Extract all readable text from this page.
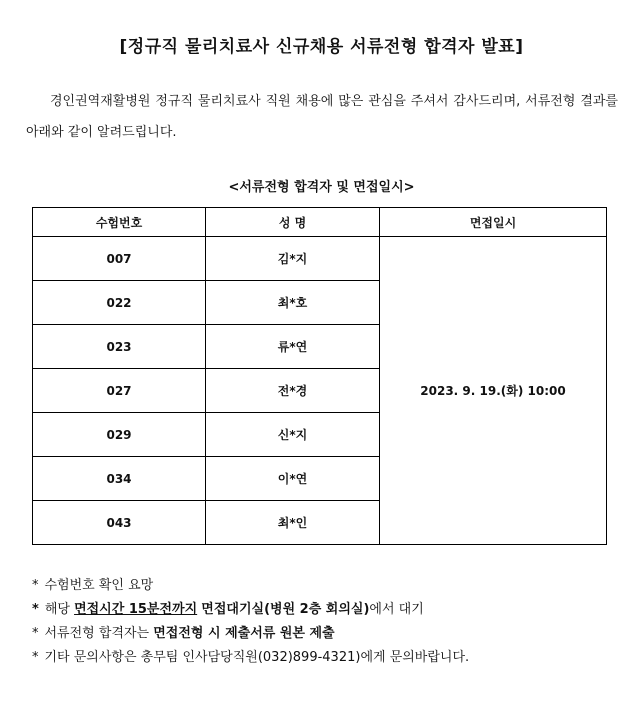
[정규직 물리치료사 신규채용 서류전형 합격자 발표]
경인권역재활병원 정규직 물리치료사 직원 채용에 많은 관심을 주셔서 감사드리며, 서류전형 결과를 아래와 같이 알려드립니다.
<서류전형 합격자 및 면접일시>
수험번호	성 명	면접일시
007	김*지	2023. 9. 19.(화) 10:00
022	최*호	
023	류*연	
027	전*경	
029	신*지	
034	이*연	
043	최*인	
* 수험번호 확인 요망
* 해당 면접시간 15분전까지 면접대기실(병원 2층 회의실)에서 대기
* 서류전형 합격자는 면접전형 시 제출서류 원본 제출
* 기타 문의사항은 총무팀 인사담당직원(032)899-4321)에게 문의바랍니다.
